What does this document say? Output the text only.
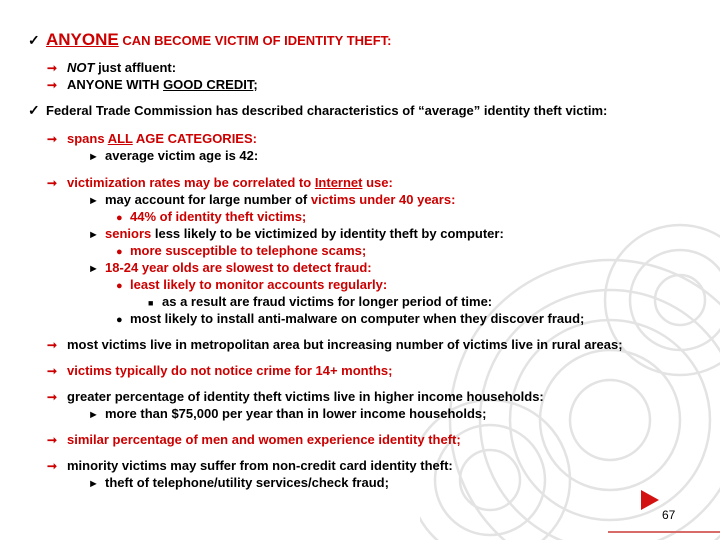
✓ ANYONE CAN BECOME VICTIM OF IDENTITY THEFT:
➞ NOT just affluent:
➞ ANYONE WITH GOOD CREDIT;
✓ Federal Trade Commission has described characteristics of “average” identity theft victim:
➞ spans ALL AGE CATEGORIES:
► average victim age is 42:
➞ victimization rates may be correlated to Internet use:
► may account for large number of victims under 40 years:
● 44% of identity theft victims;
► seniors less likely to be victimized by identity theft by computer:
● more susceptible to telephone scams;
► 18-24 year olds are slowest to detect fraud:
● least likely to monitor accounts regularly:
■ as a result are fraud victims for longer period of time:
● most likely to install anti-malware on computer when they discover fraud;
➞ most victims live in metropolitan area but increasing number of victims live in rural areas;
➞ victims typically do not notice crime for 14+ months;
➞ greater percentage of identity theft victims live in higher income households:
► more than $75,000 per year than in lower income households;
➞ similar percentage of men and women experience identity theft;
➞ minority victims may suffer from non-credit card identity theft:
► theft of telephone/utility services/check fraud;
67
